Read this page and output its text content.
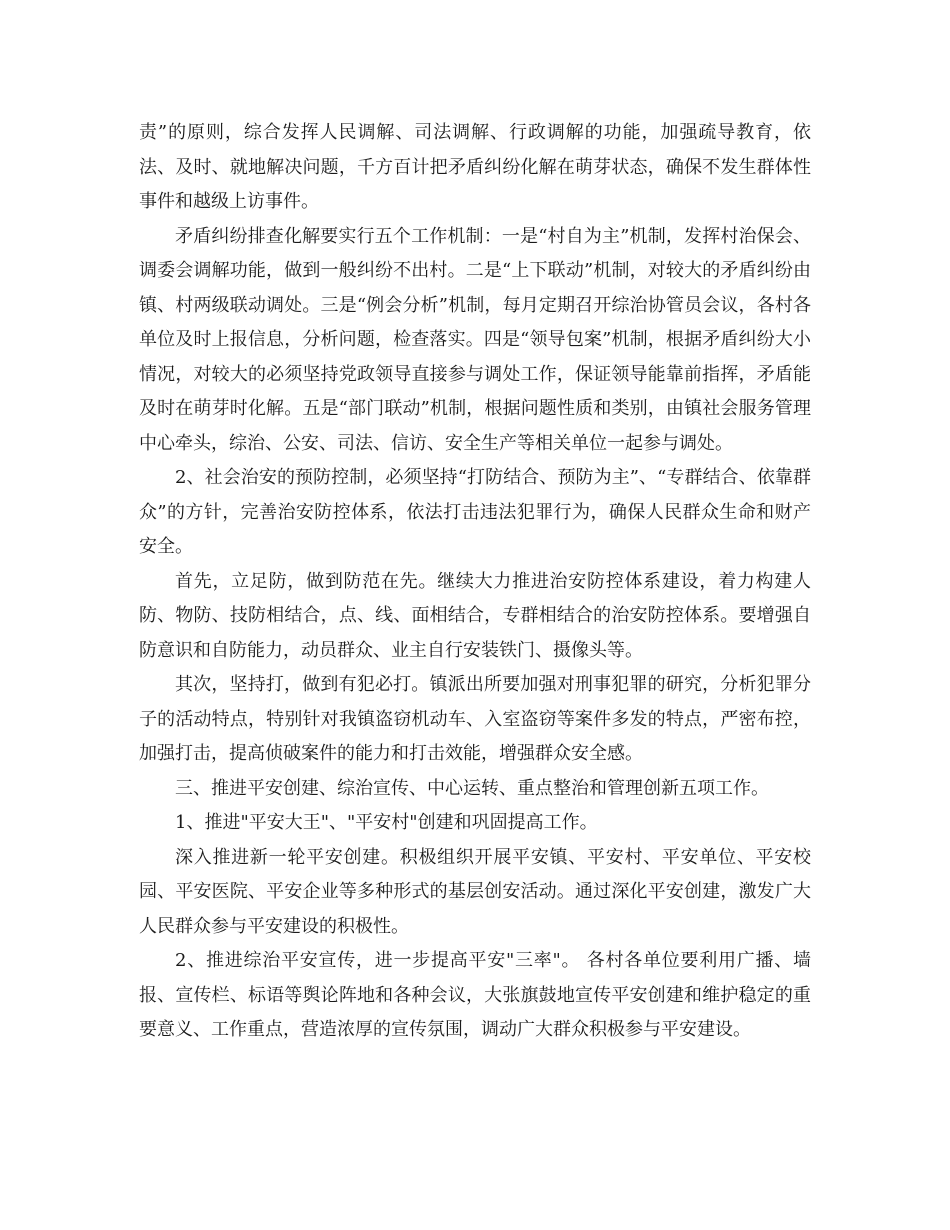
责”的原则，综合发挥人民调解、司法调解、行政调解的功能，加强疏导教育，依法、及时、就地解决问题，千方百计把矛盾纠纷化解在萌芽状态，确保不发生群体性事件和越级上访事件。

矛盾纠纷排查化解要实行五个工作机制：一是“村自为主”机制，发挥村治保会、调委会调解功能，做到一般纠纷不出村。二是“上下联动”机制，对较大的矛盾纠纷由镇、村两级联动调处。三是“例会分析”机制，每月定期召开综治协管员会议，各村各单位及时上报信息，分析问题，检查落实。四是“领导包案”机制，根据矛盾纠纷大小情况，对较大的必须坚持党政领导直接参与调处工作，保证领导能靠前指挥，矛盾能及时在萌芽时化解。五是“部门联动”机制，根据问题性质和类别，由镇社会服务管理中心牵头，综治、公安、司法、信访、安全生产等相关单位一起参与调处。

2、社会治安的预防控制，必须坚持“打防结合、预防为主”、“专群结合、依靠群众”的方针，完善治安防控体系，依法打击违法犯罪行为，确保人民群众生命和财产安全。

首先，立足防，做到防范在先。继续大力推进治安防控体系建设，着力构建人防、物防、技防相结合，点、线、面相结合，专群相结合的治安防控体系。要增强自防意识和自防能力，动员群众、业主自行安装铁门、摄像头等。

其次，坚持打，做到有犯必打。镇派出所要加强对刑事犯罪的研究，分析犯罪分子的活动特点，特别针对我镇盗窃机动车、入室盗窃等案件多发的特点，严密布控，加强打击，提高侦破案件的能力和打击效能，增强群众安全感。

三、推进平安创建、综治宣传、中心运转、重点整治和管理创新五项工作。

1、推进"平安大王"、"平安村"创建和巩固提高工作。

深入推进新一轮平安创建。积极组织开展平安镇、平安村、平安单位、平安校园、平安医院、平安企业等多种形式的基层创安活动。通过深化平安创建，激发广大人民群众参与平安建设的积极性。

2、推进综治平安宣传，进一步提高平安"三率"。 各村各单位要利用广播、墙报、宣传栏、标语等舆论阵地和各种会议，大张旗鼓地宣传平安创建和维护稳定的重要意义、工作重点，营造浓厚的宣传氛围，调动广大群众积极参与平安建设。
